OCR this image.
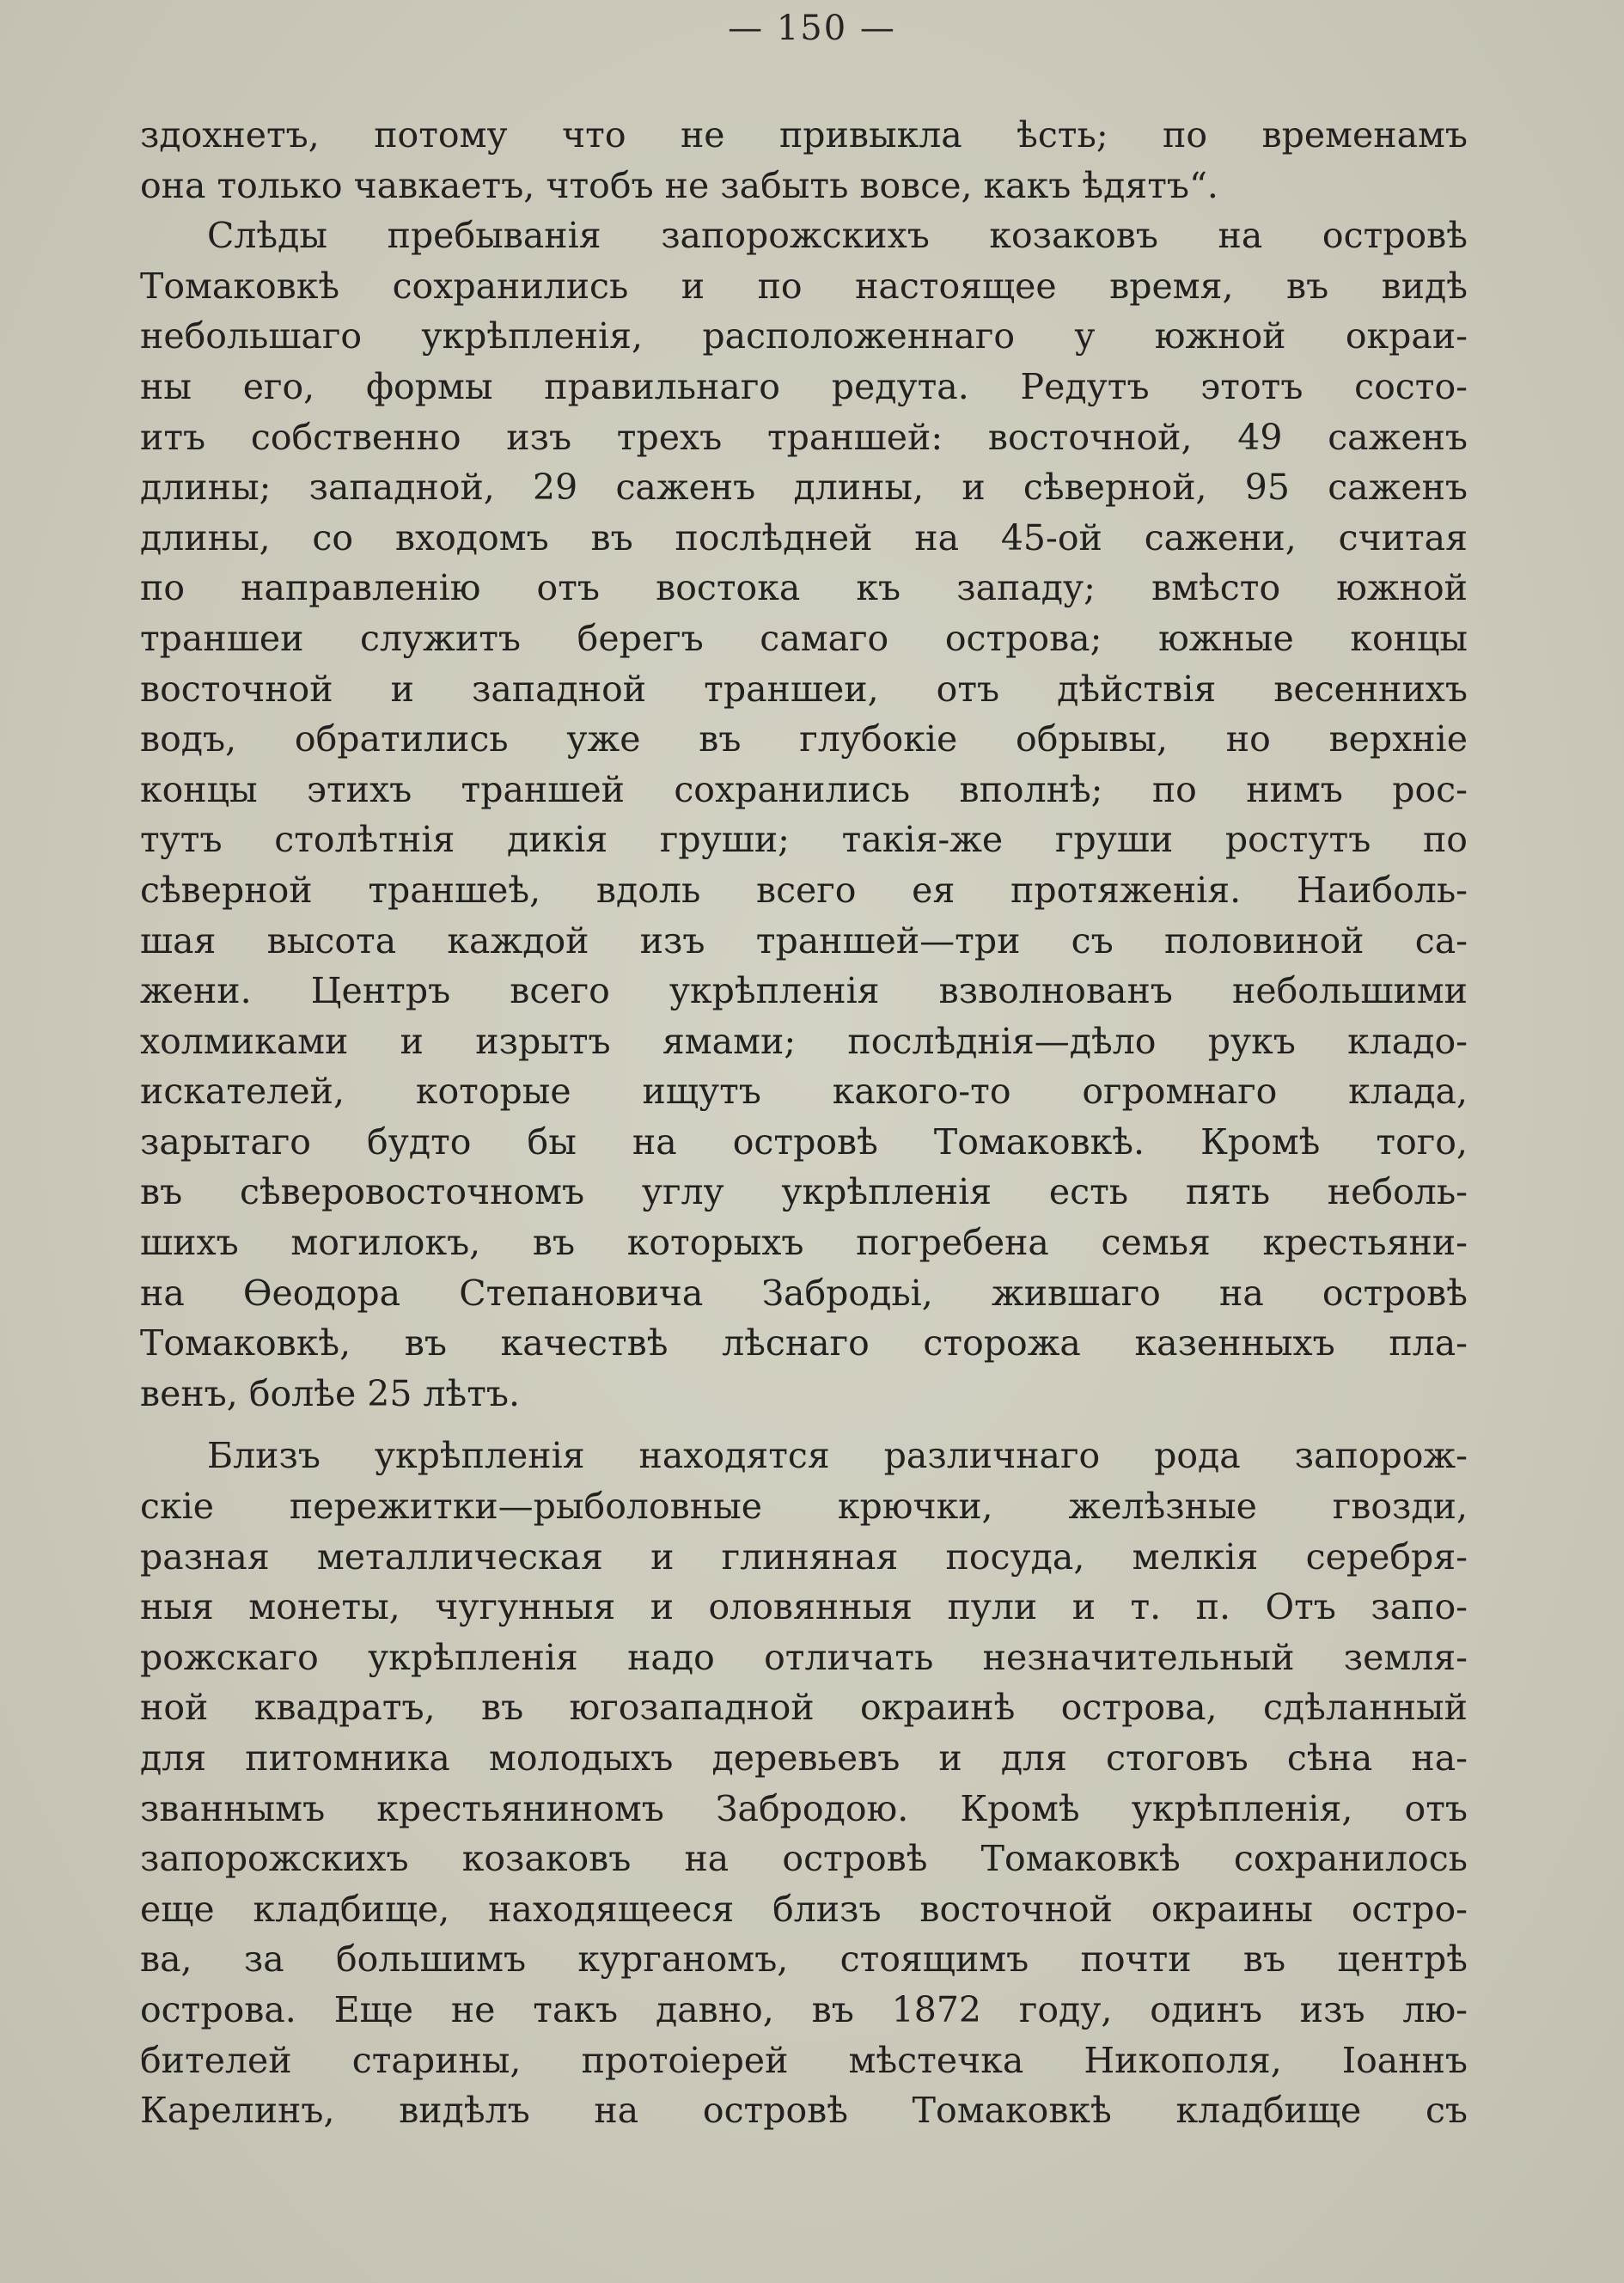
— 150 —
здохнетъ, потому что не привыкла ѣсть; по временамъ
она только чавкаетъ, чтобъ не забыть вовсе, какъ ѣдятъ“.
Слѣды пребыванія запорожскихъ козаковъ на островѣ
Томаковкѣ сохранились и по настоящее время, въ видѣ
небольшаго укрѣпленія, расположеннаго у южной окраи-
ны его, формы правильнаго редута. Редутъ этотъ состо-
итъ собственно изъ трехъ траншей: восточной, 49 саженъ
длины; западной, 29 саженъ длины, и сѣверной, 95 саженъ
длины, со входомъ въ послѣдней на 45-ой сажени, считая
по направленію отъ востока къ западу; вмѣсто южной
траншеи служитъ берегъ самаго острова; южные концы
восточной и западной траншеи, отъ дѣйствія весеннихъ
водъ, обратились уже въ глубокіе обрывы, но верхніе
концы этихъ траншей сохранились вполнѣ; по нимъ рос-
тутъ столѣтнія дикія груши; такія-же груши ростутъ по
сѣверной траншеѣ, вдоль всего ея протяженія. Наиболь-
шая высота каждой изъ траншей—три съ половиной са-
жени. Центръ всего укрѣпленія взволнованъ небольшими
холмиками и изрытъ ямами; послѣднія—дѣло рукъ кладо-
искателей, которые ищутъ какого-то огромнаго клада,
зарытаго будто бы на островѣ Томаковкѣ. Кромѣ того,
въ сѣверовосточномъ углу укрѣпленія есть пять неболь-
шихъ могилокъ, въ которыхъ погребена семья крестьяни-
на Ѳеодора Степановича Забродьі, жившаго на островѣ
Томаковкѣ, въ качествѣ лѣснаго сторожа казенныхъ пла-
венъ, болѣе 25 лѣтъ.
Близъ укрѣпленія находятся различнаго рода запорож-
скіе пережитки—рыболовные крючки, желѣзные гвозди,
разная металлическая и глиняная посуда, мелкія серебря-
ныя монеты, чугунныя и оловянныя пули и т. п. Отъ запо-
рожскаго укрѣпленія надо отличать незначительный земля-
ной квадратъ, въ югозападной окраинѣ острова, сдѣланный
для питомника молодыхъ деревьевъ и для стоговъ сѣна на-
званнымъ крестьяниномъ Забродою. Кромѣ укрѣпленія, отъ
запорожскихъ козаковъ на островѣ Томаковкѣ сохранилось
еще кладбище, находящееся близъ восточной окраины остро-
ва, за большимъ курганомъ, стоящимъ почти въ центрѣ
острова. Еще не такъ давно, въ 1872 году, одинъ изъ лю-
бителей старины, протоіерей мѣстечка Никополя, Іоаннъ
Карелинъ, видѣлъ на островѣ Томаковкѣ кладбище съ
